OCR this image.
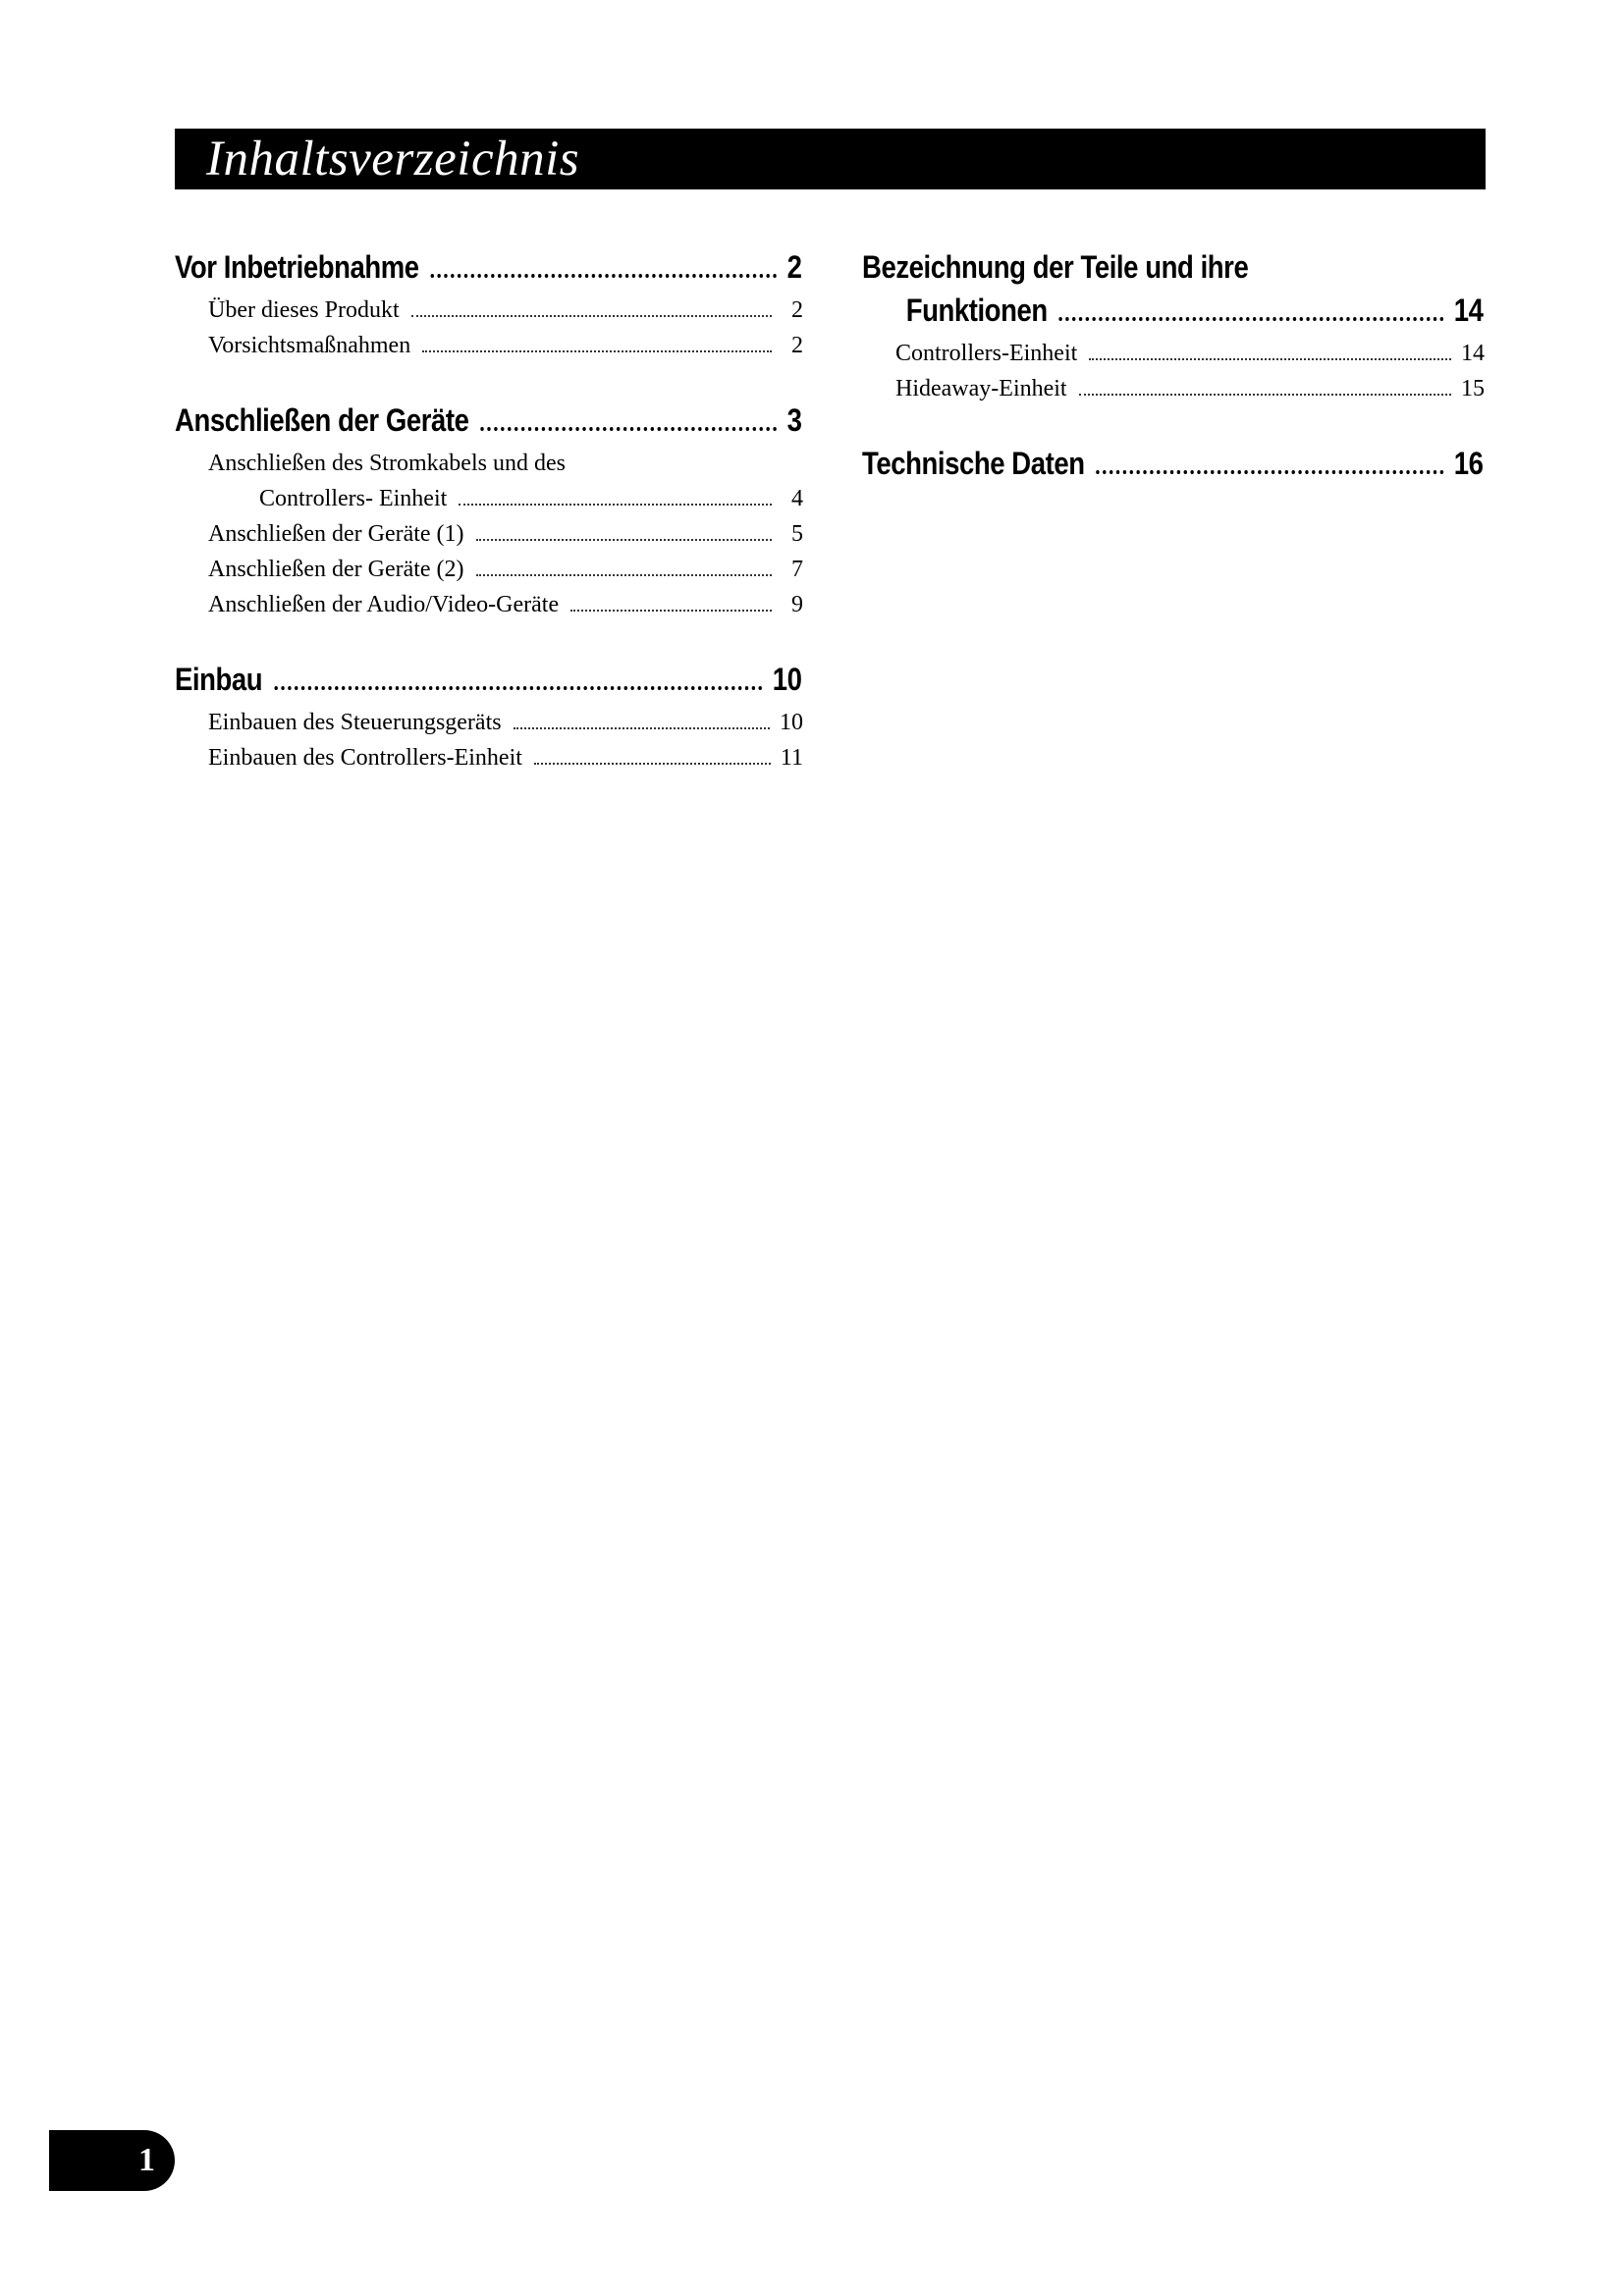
Inhaltsverzeichnis
Vor Inbetriebnahme	2
Über dieses Produkt	2
Vorsichtsmaßnahmen	2
Anschließen der Geräte	3
Anschließen des Stromkabels und des
Controllers- Einheit	4
Anschließen der Geräte (1)	5
Anschließen der Geräte (2)	7
Anschließen der Audio/Video-Geräte	9
Einbau	10
Einbauen des Steuerungsgeräts	10
Einbauen des Controllers-Einheit	11
Bezeichnung der Teile und ihre
Funktionen	14
Controllers-Einheit	14
Hideaway-Einheit	15
Technische Daten	16
1
